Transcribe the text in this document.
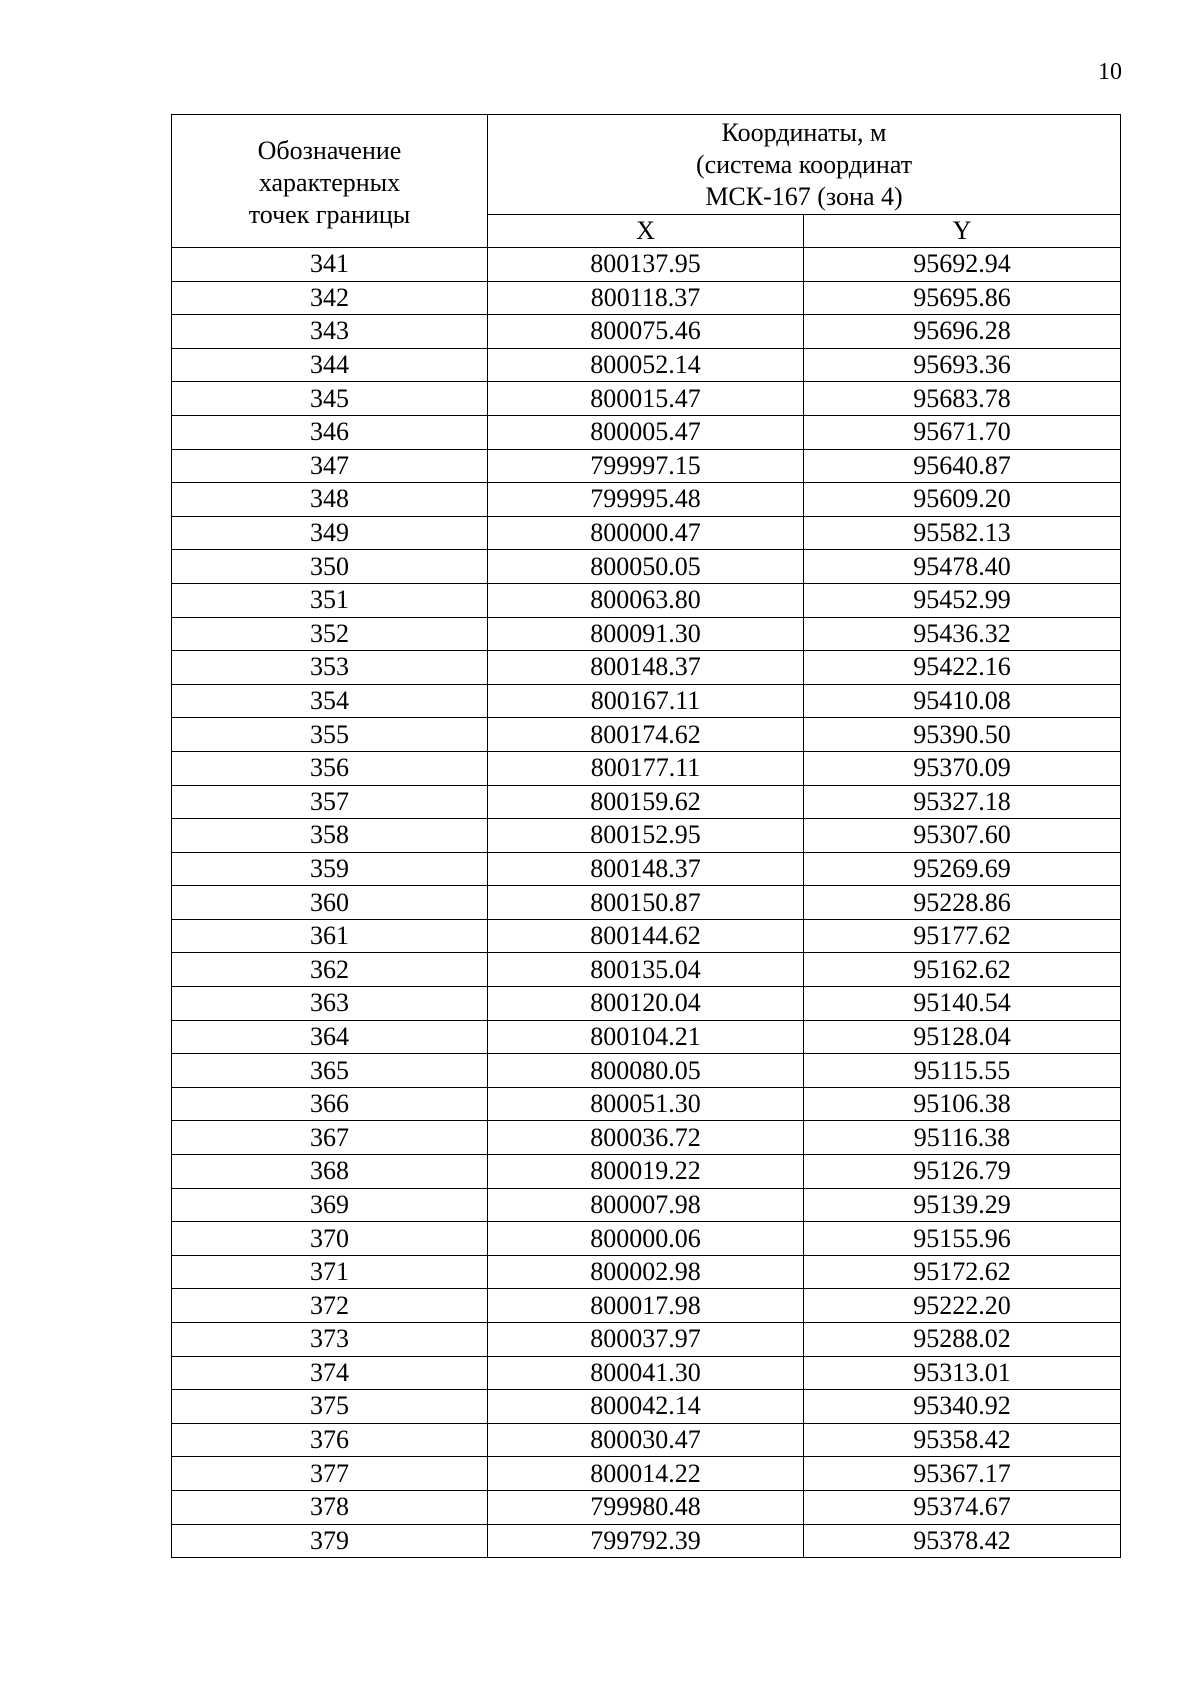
10
Обозначение
характерных
точек границы	Координаты, м
(система координат
МСК-167 (зона 4)	

	X	Y
341	800137.95	95692.94
342	800118.37	95695.86
343	800075.46	95696.28
344	800052.14	95693.36
345	800015.47	95683.78
346	800005.47	95671.70
347	799997.15	95640.87
348	799995.48	95609.20
349	800000.47	95582.13
350	800050.05	95478.40
351	800063.80	95452.99
352	800091.30	95436.32
353	800148.37	95422.16
354	800167.11	95410.08
355	800174.62	95390.50
356	800177.11	95370.09
357	800159.62	95327.18
358	800152.95	95307.60
359	800148.37	95269.69
360	800150.87	95228.86
361	800144.62	95177.62
362	800135.04	95162.62
363	800120.04	95140.54
364	800104.21	95128.04
365	800080.05	95115.55
366	800051.30	95106.38
367	800036.72	95116.38
368	800019.22	95126.79
369	800007.98	95139.29
370	800000.06	95155.96
371	800002.98	95172.62
372	800017.98	95222.20
373	800037.97	95288.02
374	800041.30	95313.01
375	800042.14	95340.92
376	800030.47	95358.42
377	800014.22	95367.17
378	799980.48	95374.67
379	799792.39	95378.42
